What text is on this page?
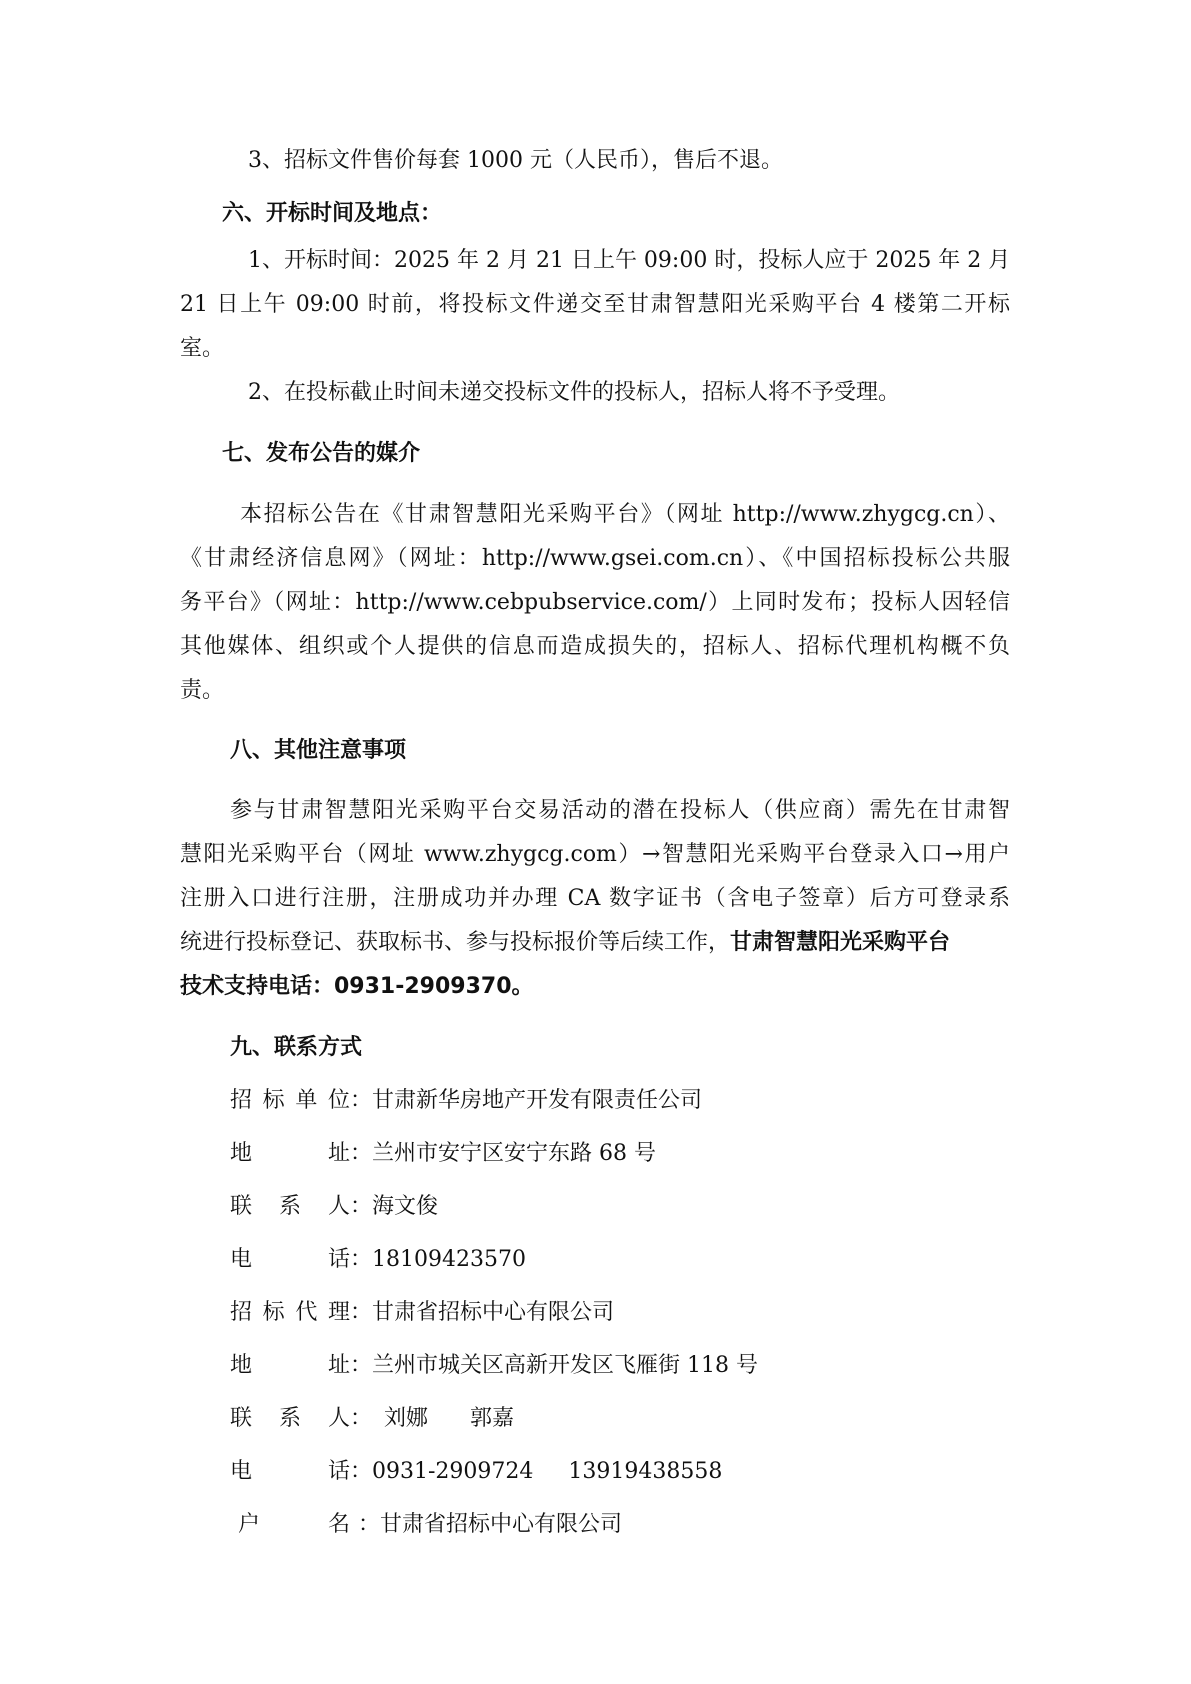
3、招标文件售价每套 1000 元（人民币），售后不退。
六、开标时间及地点：
1、开标时间：2025 年 2 月 21 日上午 09:00 时，投标人应于 2025 年 2 月
21 日上午 09:00 时前，将投标文件递交至甘肃智慧阳光采购平台 4 楼第二开标
室。
2、在投标截止时间未递交投标文件的投标人，招标人将不予受理。
七、发布公告的媒介
本招标公告在《甘肃智慧阳光采购平台》（网址 http://www.zhygcg.cn）、
《甘肃经济信息网》（网址：http://www.gsei.com.cn）、《中国招标投标公共服
务平台》（网址：http://www.cebpubservice.com/）上同时发布；投标人因轻信
其他媒体、组织或个人提供的信息而造成损失的，招标人、招标代理机构概不负
责。
八、其他注意事项
参与甘肃智慧阳光采购平台交易活动的潜在投标人（供应商）需先在甘肃智
慧阳光采购平台（网址 www.zhygcg.com）→智慧阳光采购平台登录入口→用户
注册入口进行注册，注册成功并办理 CA 数字证书（含电子签章）后方可登录系
统进行投标登记、获取标书、参与投标报价等后续工作，甘肃智慧阳光采购平台
技术支持电话：0931-2909370。
九、联系方式
招标单位 ： 甘肃新华房地产开发有限责任公司
地址 ： 兰州市安宁区安宁东路 68 号
联系人 ： 海文俊
电话 ： 18109423570
招标代理 ： 甘肃省招标中心有限公司
地址 ： 兰州市城关区高新开发区飞雁街 118 号
联系人 ： 刘娜      郭嘉
电话 ： 0931-2909724     13919438558
户名 ： 甘肃省招标中心有限公司
